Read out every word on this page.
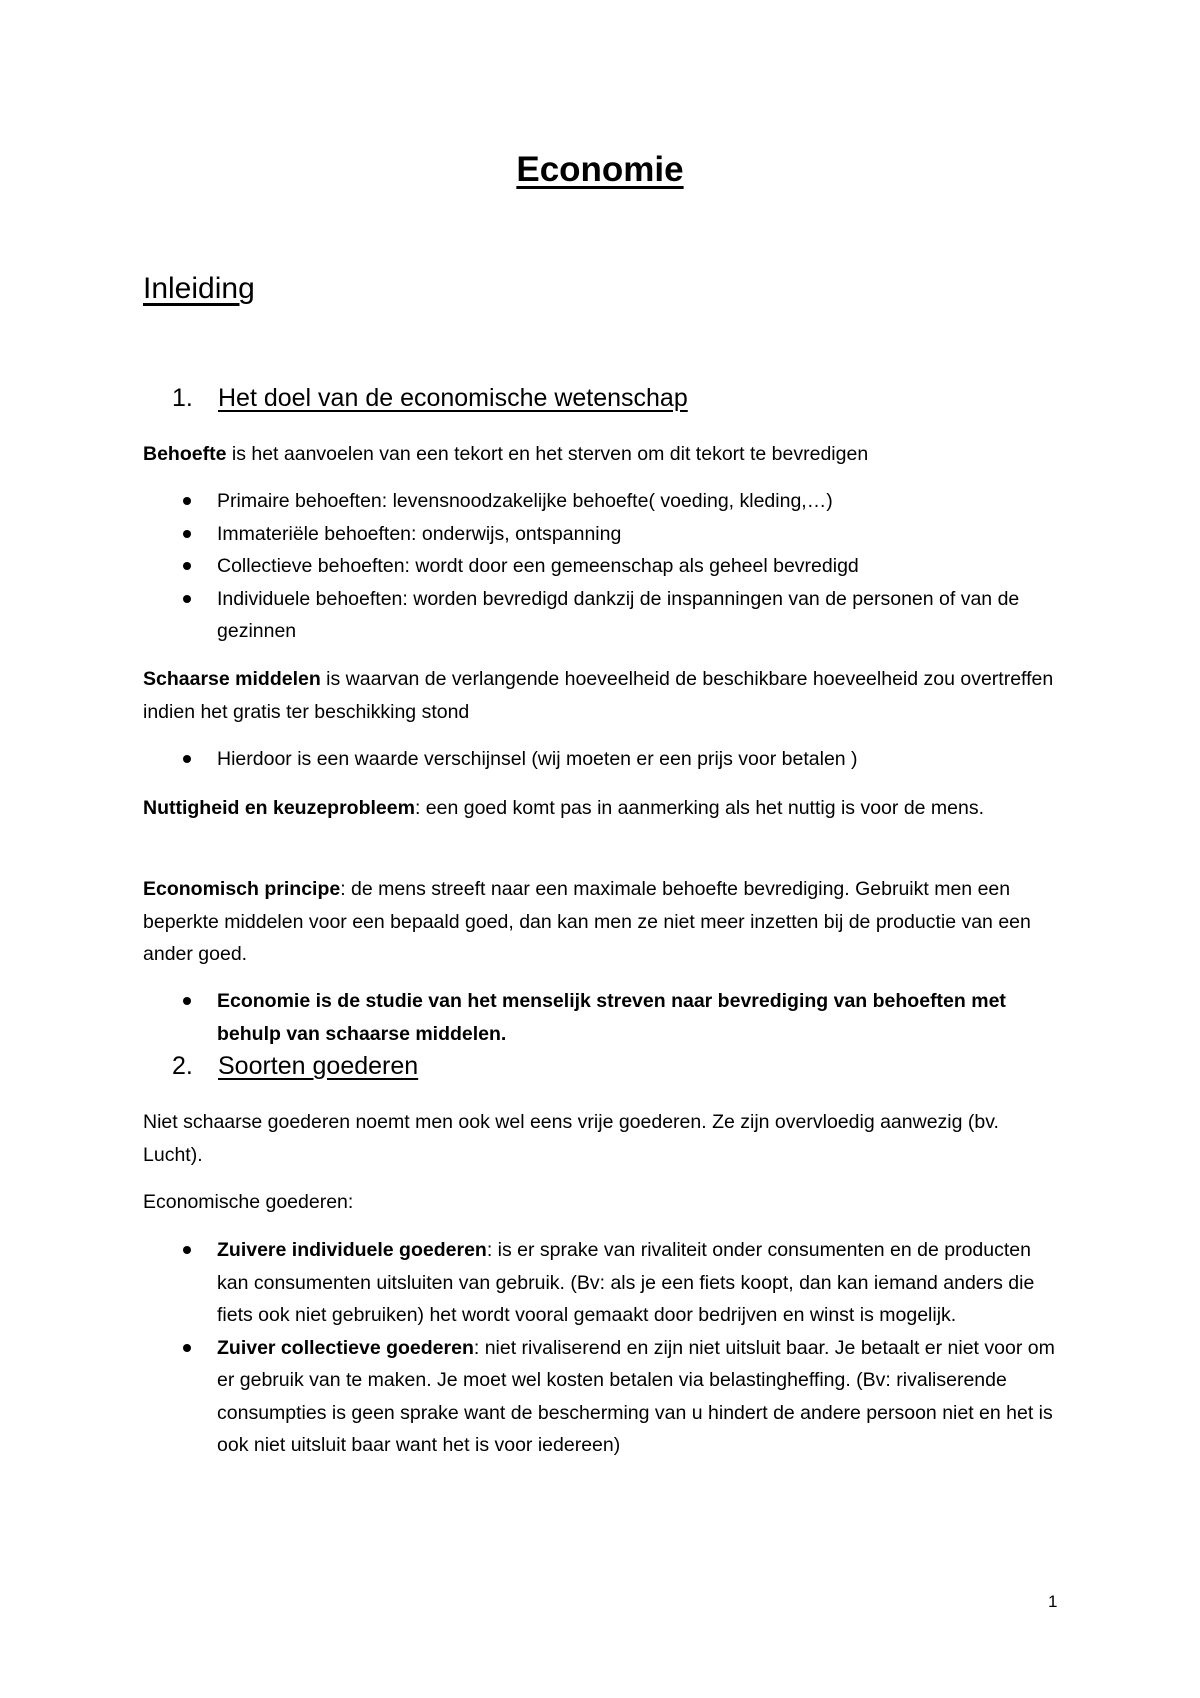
Economie
Inleiding
1. Het doel van de economische wetenschap

Behoefte is het aanvoelen van een tekort en het sterven om dit tekort te bevredigen

Primaire behoeften: levensnoodzakelijke behoefte( voeding, kleding,…)
Immateriële behoeften: onderwijs, ontspanning
Collectieve behoeften: wordt door een gemeenschap als geheel bevredigd
Individuele behoeften: worden bevredigd dankzij de inspanningen van de personen of van de gezinnen

Schaarse middelen is waarvan de verlangende hoeveelheid de beschikbare hoeveelheid zou overtreffen indien het gratis ter beschikking stond

Hierdoor is een waarde verschijnsel (wij moeten er een prijs voor betalen )

Nuttigheid en keuzeprobleem: een goed komt pas in aanmerking als het nuttig is voor de mens.

Economisch principe: de mens streeft naar een maximale behoefte bevrediging. Gebruikt men een beperkte middelen voor een bepaald goed, dan kan men ze niet meer inzetten bij de productie van een ander goed.

Economie is de studie van het menselijk streven naar bevrediging van behoeften met behulp van schaarse middelen.
2. Soorten goederen

Niet schaarse goederen noemt men ook wel eens vrije goederen. Ze zijn overvloedig aanwezig (bv. Lucht).

Economische goederen:

Zuivere individuele goederen: is er sprake van rivaliteit onder consumenten en de producten kan consumenten uitsluiten van gebruik. (Bv: als je een fiets koopt, dan kan iemand anders die fiets ook niet gebruiken) het wordt vooral gemaakt door bedrijven en winst is mogelijk.
Zuiver collectieve goederen: niet rivaliserend en zijn niet uitsluit baar. Je betaalt er niet voor om er gebruik van te maken. Je moet wel kosten betalen via belastingheffing. (Bv: rivaliserende consumpties is geen sprake want de bescherming van u hindert de andere persoon niet en het is ook niet uitsluit baar want het is voor iedereen)
1
